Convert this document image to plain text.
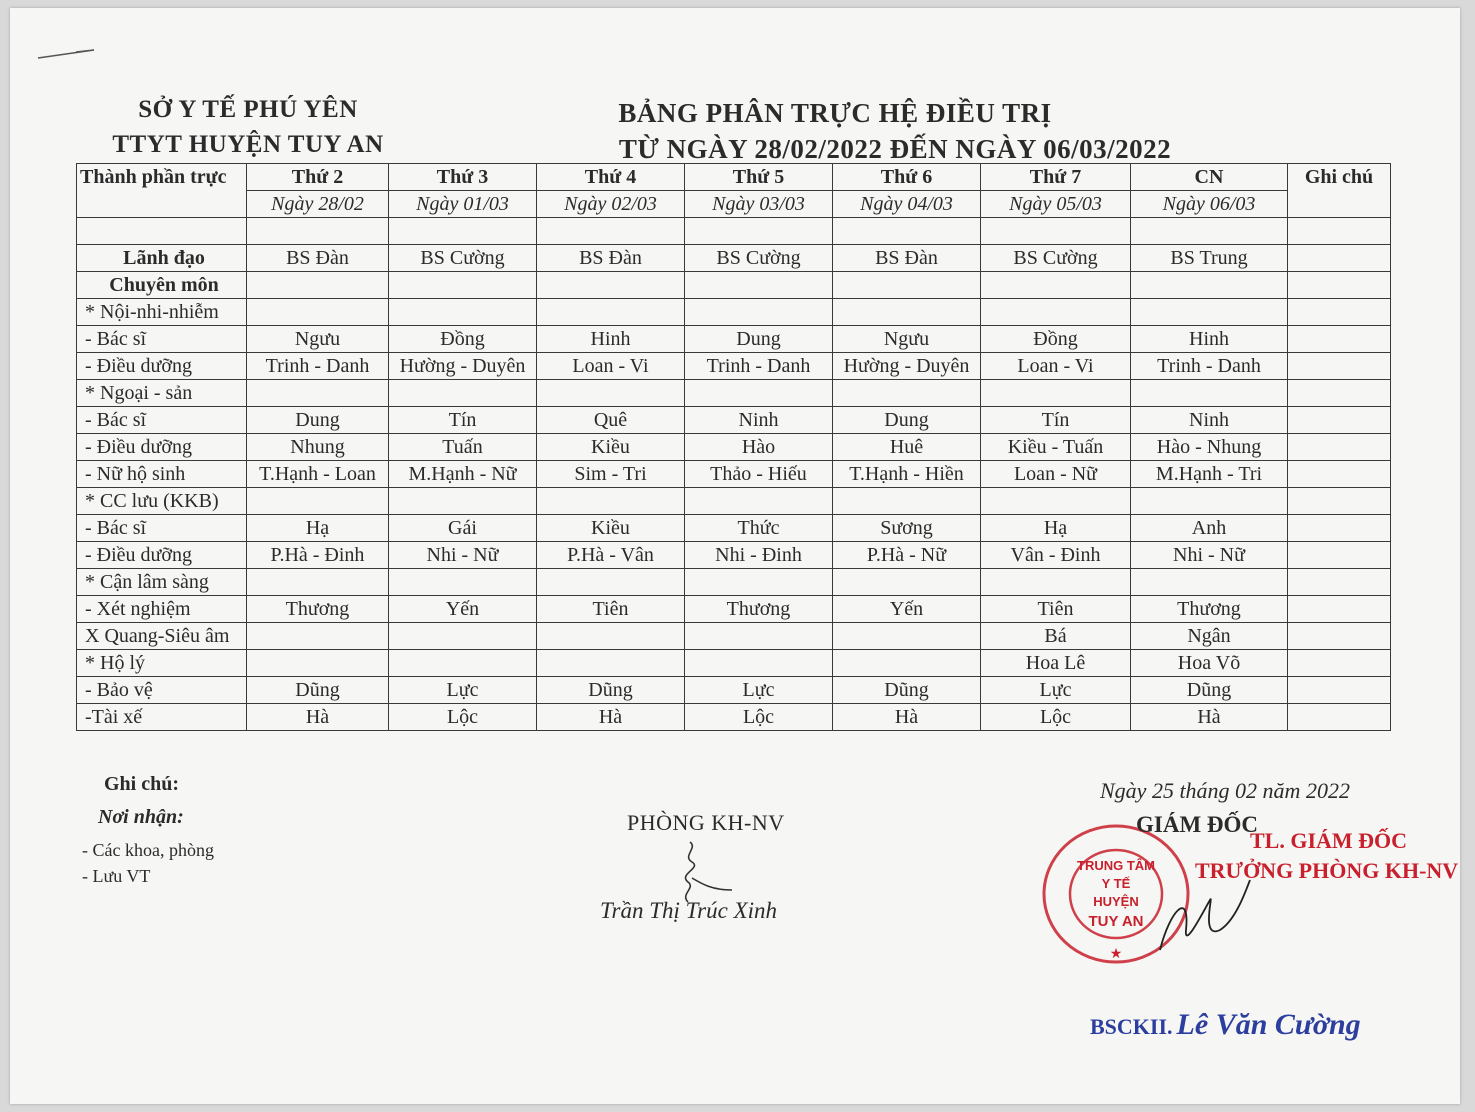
SỞ Y TẾ PHÚ YÊN
TTYT HUYỆN TUY AN
BẢNG PHÂN TRỰC HỆ ĐIỀU TRỊ
TỪ NGÀY 28/02/2022 ĐẾN NGÀY 06/03/2022
Thành phần trực	Thứ 2	Thứ 3	Thứ 4	Thứ 5	Thứ 6	Thứ 7	CN	Ghi chú
	Ngày 28/02	Ngày 01/03	Ngày 02/03	Ngày 03/03	Ngày 04/03	Ngày 05/03	Ngày 06/03	

Lãnh đạo	BS Đàn	BS Cường	BS Đàn	BS Cường	BS Đàn	BS Cường	BS Trung	
Chuyên môn								
* Nội-nhi-nhiễm								
- Bác sĩ	Ngưu	Đồng	Hinh	Dung	Ngưu	Đồng	Hinh	
- Điều dưỡng	Trinh - Danh	Hường - Duyên	Loan - Vi	Trinh - Danh	Hường - Duyên	Loan - Vi	Trinh - Danh	
* Ngoại - sản								
- Bác sĩ	Dung	Tín	Quê	Ninh	Dung	Tín	Ninh	
- Điều dưỡng	Nhung	Tuấn	Kiều	Hào	Huê	Kiều - Tuấn	Hào - Nhung	
- Nữ hộ sinh	T.Hạnh - Loan	M.Hạnh - Nữ	Sim - Tri	Thảo - Hiếu	T.Hạnh - Hiền	Loan - Nữ	M.Hạnh - Tri	
* CC lưu (KKB)								
- Bác sĩ	Hạ	Gái	Kiều	Thức	Sương	Hạ	Anh	
- Điều dưỡng	P.Hà - Đinh	Nhi - Nữ	P.Hà - Vân	Nhi - Đinh	P.Hà - Nữ	Vân - Đinh	Nhi - Nữ	
* Cận lâm sàng								
- Xét nghiệm	Thương	Yến	Tiên	Thương	Yến	Tiên	Thương	
X Quang-Siêu âm						Bá	Ngân	
* Hộ lý						Hoa Lê	Hoa Võ	
- Bảo vệ	Dũng	Lực	Dũng	Lực	Dũng	Lực	Dũng	
-Tài xế	Hà	Lộc	Hà	Lộc	Hà	Lộc	Hà	
Ghi chú:
Nơi nhận:
- Các khoa, phòng
- Lưu VT
PHÒNG KH-NV
Trần Thị Trúc Xinh
Ngày 25 tháng 02 năm 2022
TRUNG TÂM
Y TẾ
HUYỆN
TUY AN
★
GIÁM ĐỐC
TL. GIÁM ĐỐC
TRƯỞNG PHÒNG KH-NV
BSCKII. Lê Văn Cường
